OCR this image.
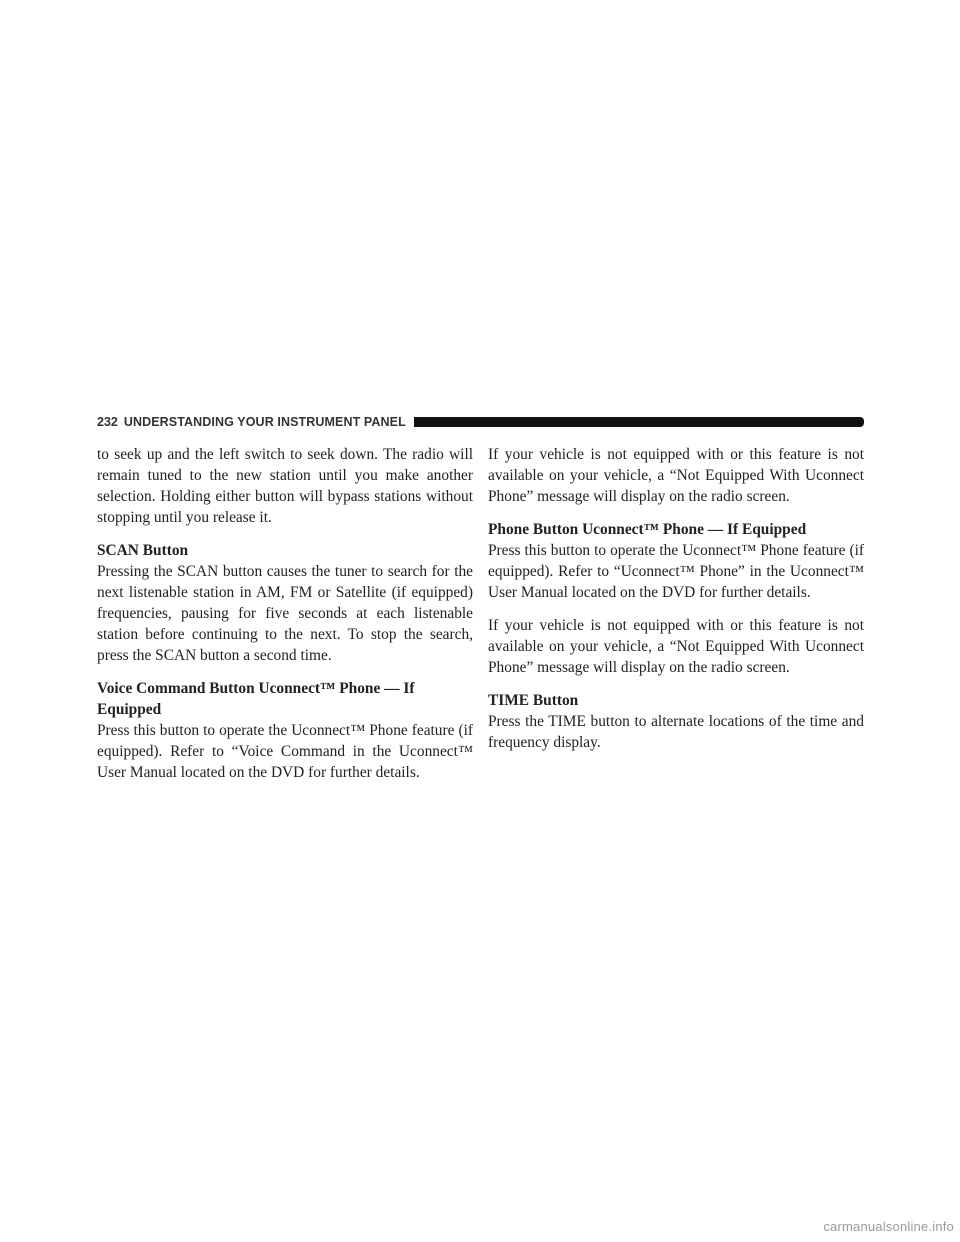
232 UNDERSTANDING YOUR INSTRUMENT PANEL

to seek up and the left switch to seek down. The radio will remain tuned to the new station until you make another selection. Holding either button will bypass stations without stopping until you release it.

SCAN Button

Pressing the SCAN button causes the tuner to search for the next listenable station in AM, FM or Satellite (if equipped) frequencies, pausing for five seconds at each listenable station before continuing to the next. To stop the search, press the SCAN button a second time.

Voice Command Button Uconnect™ Phone — If Equipped

Press this button to operate the Uconnect™ Phone feature (if equipped). Refer to “Voice Command in the Uconnect™ User Manual located on the DVD for further details.

If your vehicle is not equipped with or this feature is not available on your vehicle, a “Not Equipped With Uconnect Phone” message will display on the radio screen.

Phone Button Uconnect™ Phone — If Equipped

Press this button to operate the Uconnect™ Phone feature (if equipped). Refer to “Uconnect™ Phone” in the Uconnect™ User Manual located on the DVD for further details.

If your vehicle is not equipped with or this feature is not available on your vehicle, a “Not Equipped With Uconnect Phone” message will display on the radio screen.

TIME Button

Press the TIME button to alternate locations of the time and frequency display.

carmanualsonline.info
